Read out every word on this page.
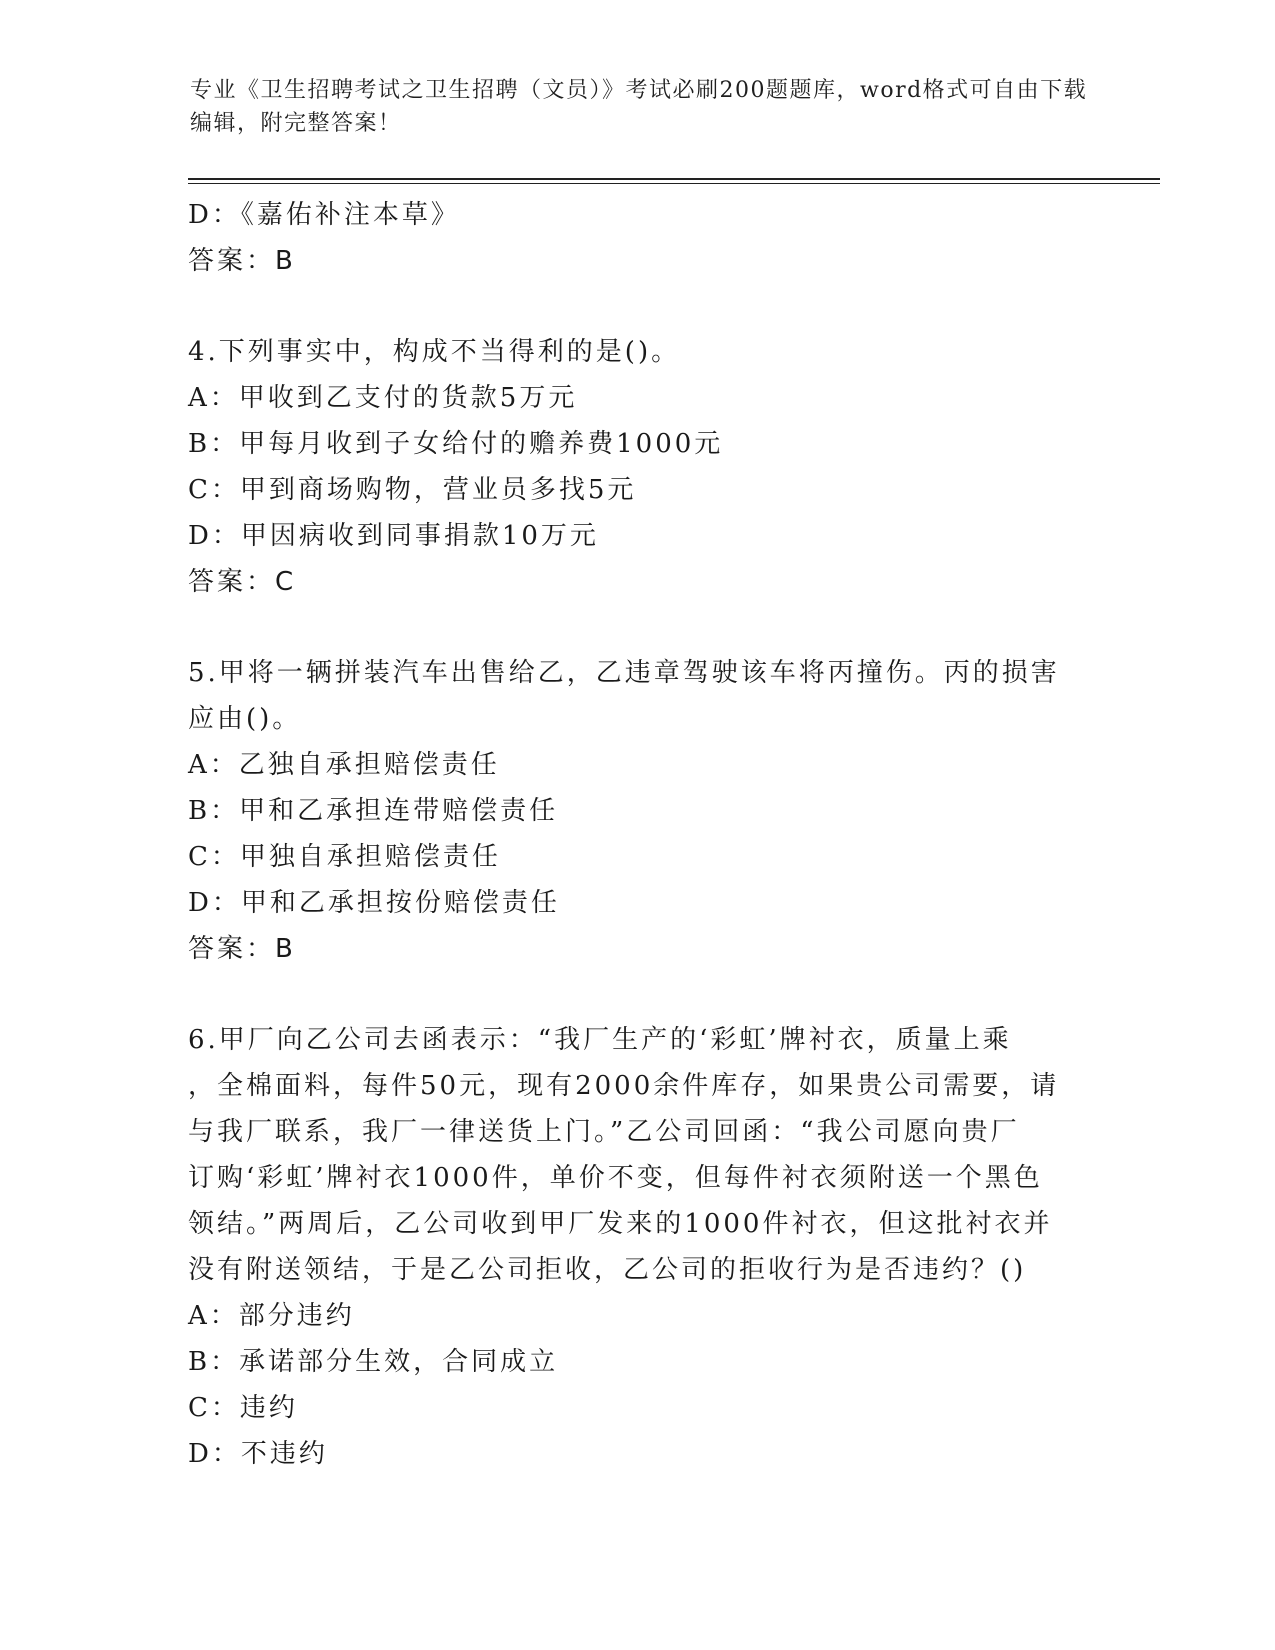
专业《卫生招聘考试之卫生招聘（文员）》考试必刷200题题库，word格式可自由下载编辑，附完整答案！
D：《嘉佑补注本草》
答案：B
4.下列事实中，构成不当得利的是()。
A：甲收到乙支付的货款5万元
B：甲每月收到子女给付的赡养费1000元
C：甲到商场购物，营业员多找5元
D：甲因病收到同事捐款10万元
答案：C
5.甲将一辆拼装汽车出售给乙，乙违章驾驶该车将丙撞伤。丙的损害
应由()。
A：乙独自承担赔偿责任
B：甲和乙承担连带赔偿责任
C：甲独自承担赔偿责任
D：甲和乙承担按份赔偿责任
答案：B
6.甲厂向乙公司去函表示：“我厂生产的‘彩虹’牌衬衣，质量上乘
，全棉面料，每件50元，现有2000余件库存，如果贵公司需要，请
与我厂联系，我厂一律送货上门。”乙公司回函：“我公司愿向贵厂
订购‘彩虹’牌衬衣1000件，单价不变，但每件衬衣须附送一个黑色
领结。”两周后，乙公司收到甲厂发来的1000件衬衣，但这批衬衣并
没有附送领结，于是乙公司拒收，乙公司的拒收行为是否违约？()
A：部分违约
B：承诺部分生效，合同成立
C：违约
D：不违约
